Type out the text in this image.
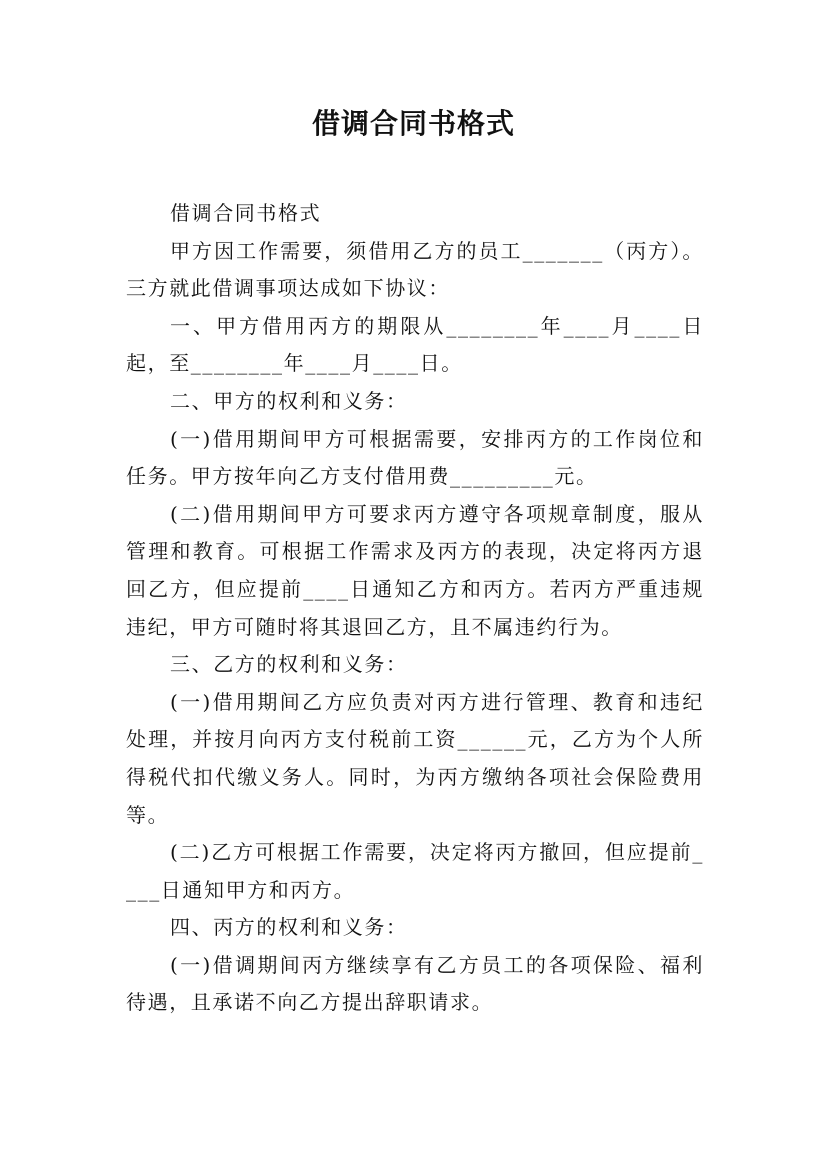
借调合同书格式

借调合同书格式

甲方因工作需要，须借用乙方的员工_______（丙方）。三方就此借调事项达成如下协议：

一、甲方借用丙方的期限从________年____月____日起，至________年____月____日。

二、甲方的权利和义务：

(一)借用期间甲方可根据需要，安排丙方的工作岗位和任务。甲方按年向乙方支付借用费_________元。

(二)借用期间甲方可要求丙方遵守各项规章制度，服从管理和教育。可根据工作需求及丙方的表现，决定将丙方退回乙方，但应提前____日通知乙方和丙方。若丙方严重违规违纪，甲方可随时将其退回乙方，且不属违约行为。

三、乙方的权利和义务：

(一)借用期间乙方应负责对丙方进行管理、教育和违纪处理，并按月向丙方支付税前工资______元，乙方为个人所得税代扣代缴义务人。同时，为丙方缴纳各项社会保险费用等。

(二)乙方可根据工作需要，决定将丙方撤回，但应提前____日通知甲方和丙方。

四、丙方的权利和义务：

(一)借调期间丙方继续享有乙方员工的各项保险、福利待遇，且承诺不向乙方提出辞职请求。
